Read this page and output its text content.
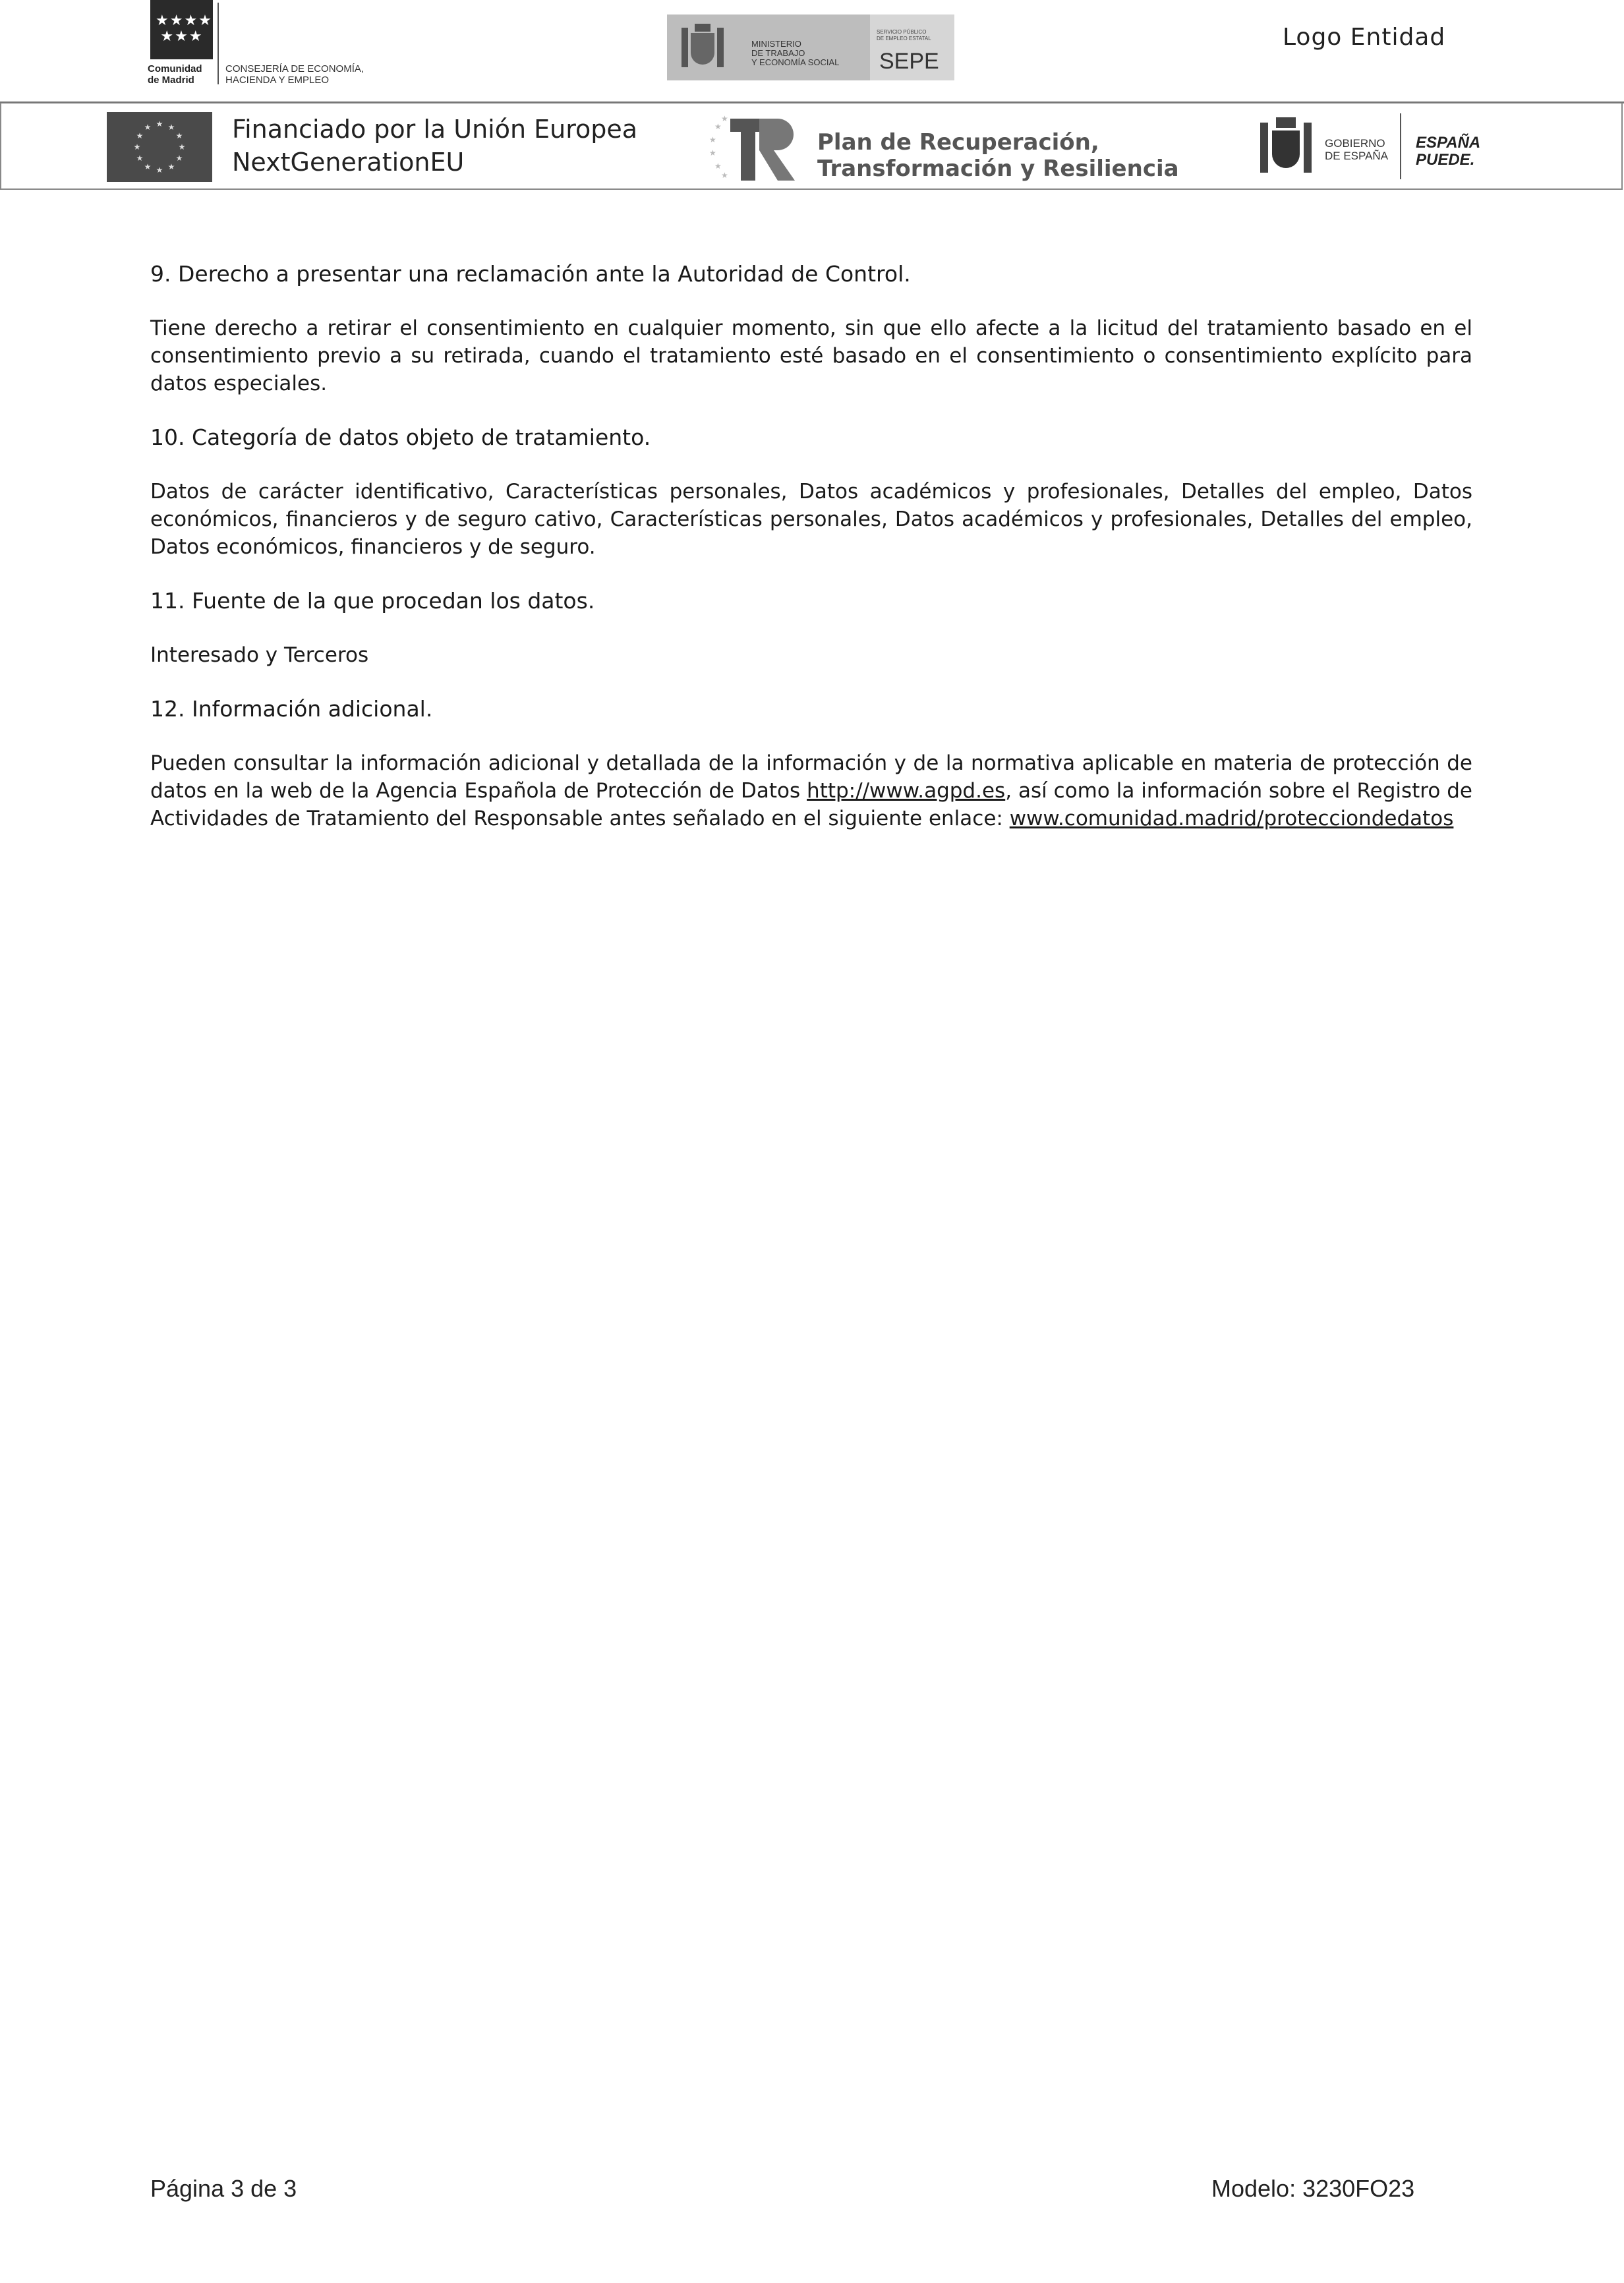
★★★★
★★★
Comunidad
de Madrid
CONSEJERÍA DE ECONOMÍA,
HACIENDA Y EMPLEO
MINISTERIO
DE TRABAJO
Y ECONOMÍA SOCIAL
SERVICIO PÚBLICO
DE EMPLEO ESTATAL
SEPE
Logo Entidad
★ ★
★
★
★
★
★
★
★
★
★
★	Financiado por la Unión Europea
NextGenerationEU
★
★
★
★
★
★
Plan de Recuperación,
Transformación y Resiliencia
GOBIERNO
DE ESPAÑA
ESPAÑA
PUEDE.
9. Derecho a presentar una reclamación ante la Autoridad de Control.
Tiene derecho a retirar el consentimiento en cualquier momento, sin que ello afecte a la licitud del tratamiento basado en el consentimiento previo a su retirada, cuando el tratamiento esté basado en el consentimiento o consentimiento explícito para datos especiales.
10. Categoría de datos objeto de tratamiento.
Datos de carácter identificativo, Características personales, Datos académicos y profesionales, Detalles del empleo, Datos económicos, financieros y de seguro cativo, Características personales, Datos académicos y profesionales, Detalles del empleo, Datos económicos, financieros y de seguro.
11. Fuente de la que procedan los datos.
Interesado y Terceros
12. Información adicional.
Pueden consultar la información adicional y detallada de la información y de la normativa aplicable en materia de protección de datos en la web de la Agencia Española de Protección de Datos http://www.agpd.es, así como la información sobre el Registro de Actividades de Tratamiento del Responsable antes señalado en el siguiente enlace: www.comunidad.madrid/protecciondedatos
Página 3 de 3	Modelo: 3230FO23
